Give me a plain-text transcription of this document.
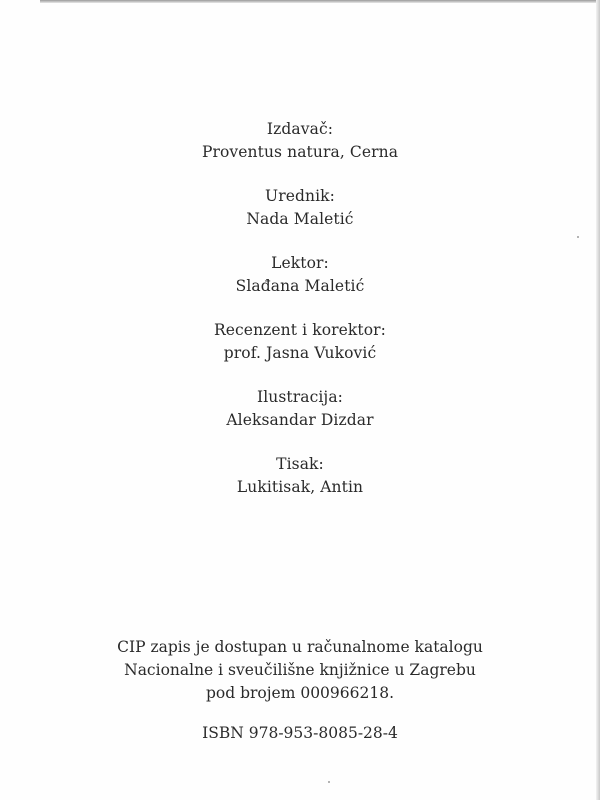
Izdavač:
Proventus natura, Cerna
Urednik:
Nada Maletić
Lektor:
Slađana Maletić
Recenzent i korektor:
prof. Jasna Vuković
Ilustracija:
Aleksandar Dizdar
Tisak:
Lukitisak, Antin
CIP zapis je dostupan u računalnome katalogu
Nacionalne i sveučilišne knjižnice u Zagrebu
pod brojem 000966218.
ISBN 978-953-8085-28-4
